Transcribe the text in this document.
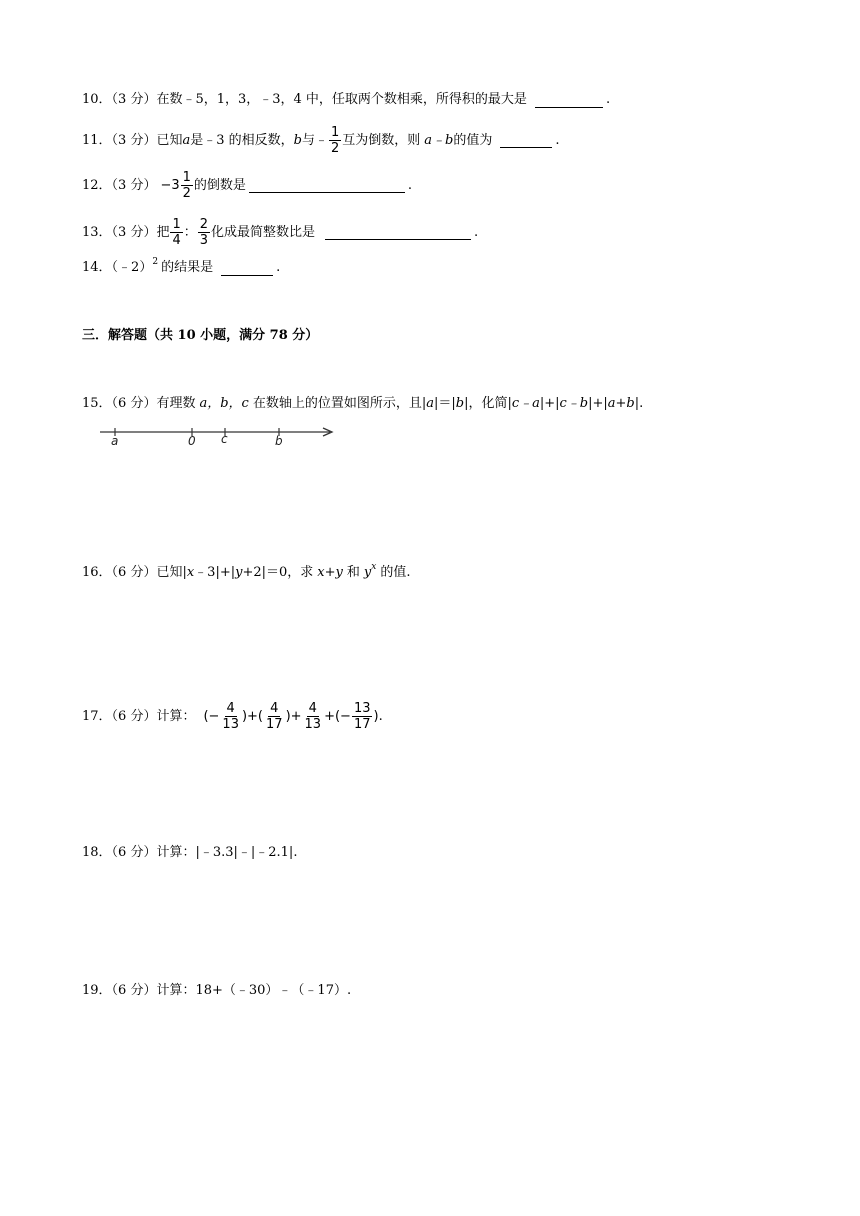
10．（3 分）在数﹣5，1，3，﹣3，4 中，任取两个数相乘，所得积的最大是	.
11．（3 分）已知 a 是﹣3 的相反数， b 与﹣ $\frac{1}{2}$ 互为倒数，则 a﹣b 的值为	.
12．（3 分） $-3 \frac{1}{2}$ 的倒数是	.
13．（3 分）把 $\frac{1}{4}$ ： $\frac{2}{3}$ 化成最简整数比是	.
14．（﹣2） 2 的结果是	.
三．解答题（共 10 小题，满分 78 分）
15．（6 分）有理数 a，b，c 在数轴上的位置如图所示，且| a |＝| b |，化简| c﹣a|+|c﹣b|+|a+b| .
a	0 c	b
16．（6 分）已知| x ﹣3|+| y +2|＝0，求 x+y 和 y x 的值.
17．（6 分）计算： (− $\frac{4}{13}$ )+( $\frac{4}{17}$ )+ $\frac{4}{13}$ +(− $\frac{13}{17}$ ) .
18．（6 分）计算：|﹣3.3|﹣|﹣2.1|.
19．（6 分）计算：18+（﹣30）﹣（﹣17）.
